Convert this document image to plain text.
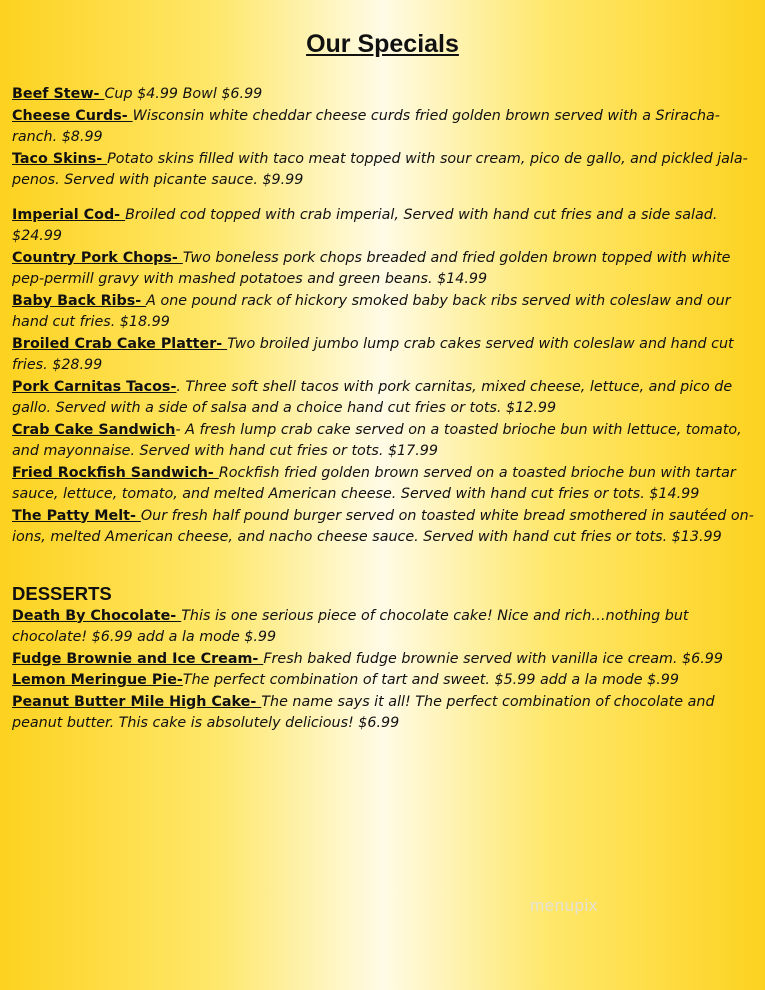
Our Specials

Beef Stew- Cup $4.99 Bowl $6.99

Cheese Curds- Wisconsin white cheddar cheese curds fried golden brown served with a Sriracha-ranch. $8.99

Taco Skins- Potato skins filled with taco meat topped with sour cream, pico de gallo, and pickled jala-penos. Served with picante sauce. $9.99

Imperial Cod- Broiled cod topped with crab imperial, Served with hand cut fries and a side salad. $24.99

Country Pork Chops- Two boneless pork chops breaded and fried golden brown topped with white pep-permill gravy with mashed potatoes and green beans. $14.99

Baby Back Ribs- A one pound rack of hickory smoked baby back ribs served with coleslaw and our hand cut fries. $18.99

Broiled Crab Cake Platter- Two broiled jumbo lump crab cakes served with coleslaw and hand cut fries. $28.99

Pork Carnitas Tacos-. Three soft shell tacos with pork carnitas, mixed cheese, lettuce, and pico de gallo. Served with a side of salsa and a choice hand cut fries or tots. $12.99

Crab Cake Sandwich- A fresh lump crab cake served on a toasted brioche bun with lettuce, tomato, and mayonnaise. Served with hand cut fries or tots. $17.99

Fried Rockfish Sandwich- Rockfish fried golden brown served on a toasted brioche bun with tartar sauce, lettuce, tomato, and melted American cheese. Served with hand cut fries or tots. $14.99

The Patty Melt- Our fresh half pound burger served on toasted white bread smothered in sautéed on-ions, melted American cheese, and nacho cheese sauce. Served with hand cut fries or tots. $13.99

DESSERTS

Death By Chocolate- This is one serious piece of chocolate cake! Nice and rich…nothing but chocolate! $6.99 add a la mode $.99

Fudge Brownie and Ice Cream- Fresh baked fudge brownie served with vanilla ice cream. $6.99

Lemon Meringue Pie-The perfect combination of tart and sweet. $5.99 add a la mode $.99

Peanut Butter Mile High Cake- The name says it all! The perfect combination of chocolate and peanut butter. This cake is absolutely delicious! $6.99

menupix
